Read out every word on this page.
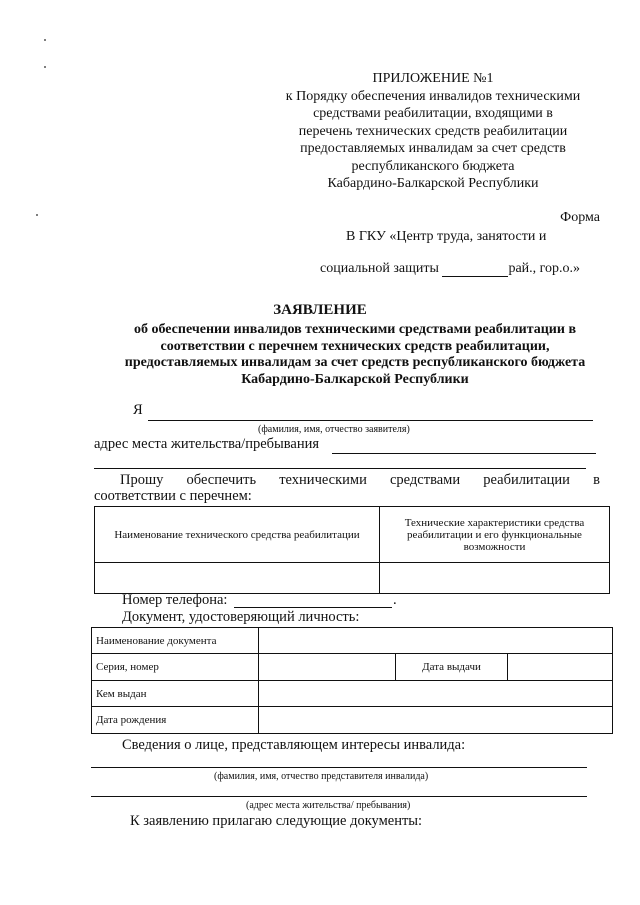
ПРИЛОЖЕНИЕ №1
к Порядку обеспечения инвалидов техническими
средствами реабилитации, входящими в
перечень технических средств реабилитации
предоставляемых инвалидам за счет средств
республиканского бюджета
Кабардино-Балкарской Республики
Форма
В ГКУ «Центр труда, занятости и
социальной защиты	рай., гор.о.»
ЗАЯВЛЕНИЕ
об обеспечении инвалидов техническими средствами реабилитации в
соответствии с перечнем технических средств реабилитации,
предоставляемых инвалидам за счет средств республиканского бюджета
Кабардино-Балкарской Республики
Я
(фамилия, имя, отчество заявителя)
адрес места жительства/пребывания
Прошу обеспечить техническими средствами реабилитации в
соответствии с перечнем:
Наименование технического средства реабилитации	Технические характеристики средства реабилитации и его функциональные возможности

Номер телефона:	.
Документ, удостоверяющий личность:
Наименование документа			
Серия, номер		Дата выдачи	
Кем выдан			
Дата рождения			
Сведения о лице, представляющем интересы инвалида:
(фамилия, имя, отчество представителя инвалида)
(адрес места жительства/ пребывания)
К заявлению прилагаю следующие документы:
